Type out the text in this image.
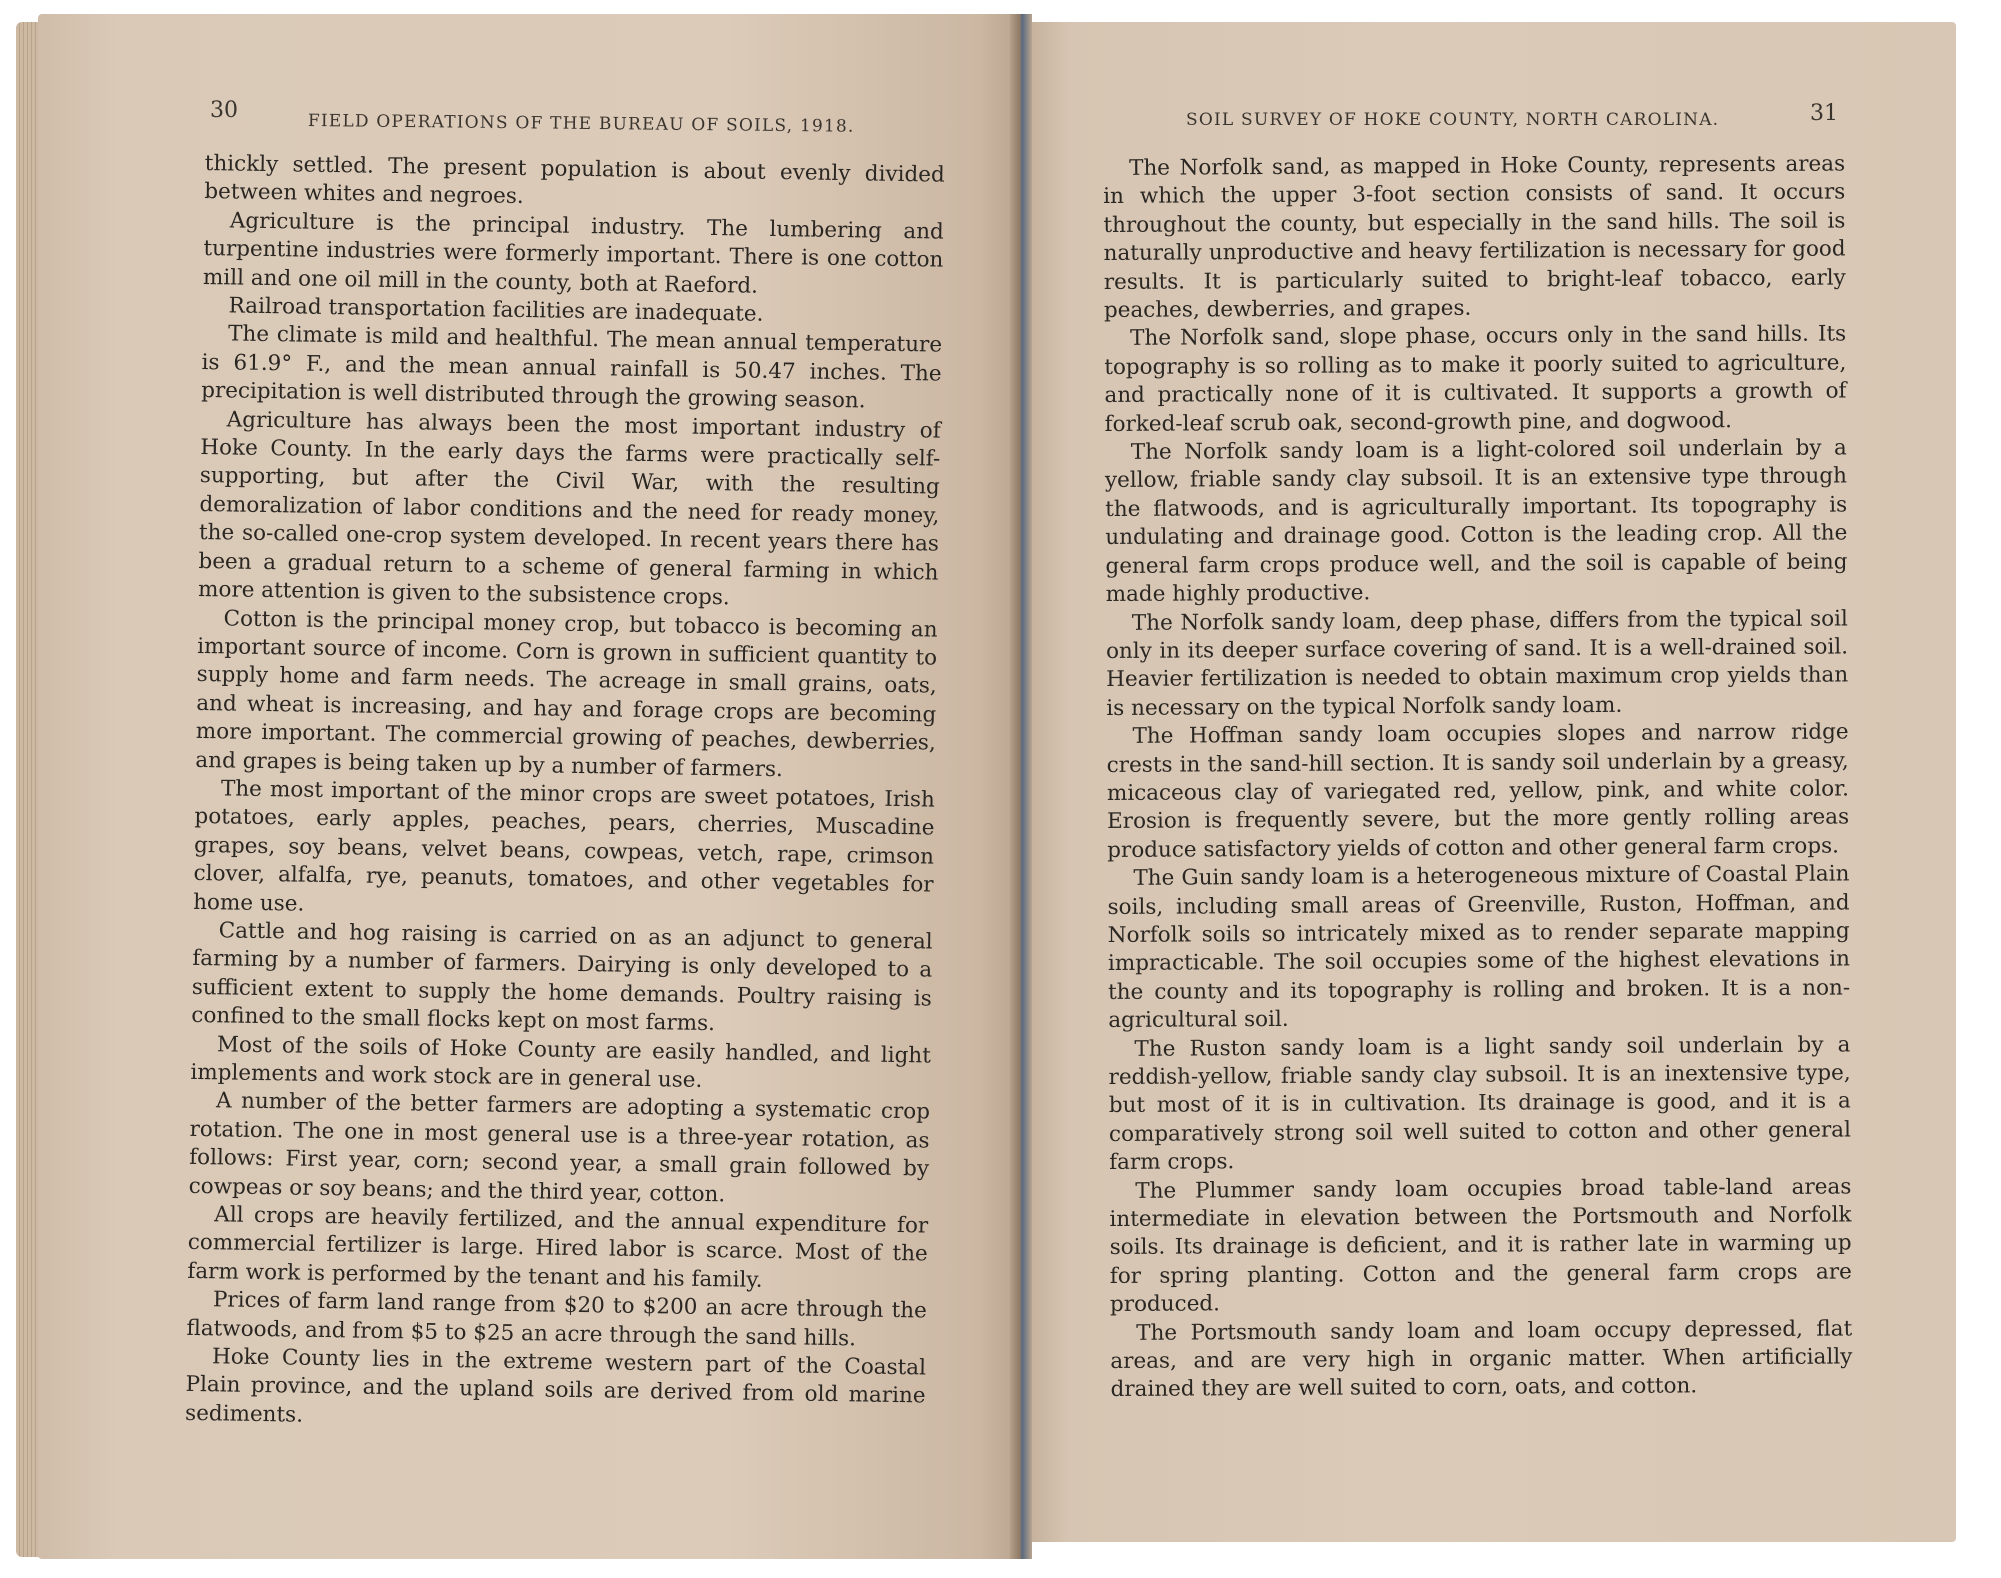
30
FIELD OPERATIONS OF THE BUREAU OF SOILS, 1918.	SOIL SURVEY OF HOKE COUNTY, NORTH CAROLINA.	31

thickly settled. The present population is about evenly divided between whites and negroes.

Agriculture is the principal industry. The lumbering and turpentine industries were formerly important. There is one cotton mill and one oil mill in the county, both at Raeford.

Railroad transportation facilities are inadequate.

The climate is mild and healthful. The mean annual temperature is 61.9° F., and the mean annual rainfall is 50.47 inches. The precipitation is well distributed through the growing season.

Agriculture has always been the most important industry of Hoke County. In the early days the farms were practically self-supporting, but after the Civil War, with the resulting demoralization of labor conditions and the need for ready money, the so-called one-crop system developed. In recent years there has been a gradual return to a scheme of general farming in which more attention is given to the subsistence crops.

Cotton is the principal money crop, but tobacco is becoming an important source of income. Corn is grown in sufficient quantity to supply home and farm needs. The acreage in small grains, oats, and wheat is increasing, and hay and forage crops are becoming more important. The commercial growing of peaches, dewberries, and grapes is being taken up by a number of farmers.

The most important of the minor crops are sweet potatoes, Irish potatoes, early apples, peaches, pears, cherries, Muscadine grapes, soy beans, velvet beans, cowpeas, vetch, rape, crimson clover, alfalfa, rye, peanuts, tomatoes, and other vegetables for home use.

Cattle and hog raising is carried on as an adjunct to general farming by a number of farmers. Dairying is only developed to a sufficient extent to supply the home demands. Poultry raising is confined to the small flocks kept on most farms.

Most of the soils of Hoke County are easily handled, and light implements and work stock are in general use.

A number of the better farmers are adopting a systematic crop rotation. The one in most general use is a three-year rotation, as follows: First year, corn; second year, a small grain followed by cowpeas or soy beans; and the third year, cotton.

All crops are heavily fertilized, and the annual expenditure for commercial fertilizer is large. Hired labor is scarce. Most of the farm work is performed by the tenant and his family.

Prices of farm land range from $20 to $200 an acre through the flatwoods, and from $5 to $25 an acre through the sand hills.

Hoke County lies in the extreme western part of the Coastal Plain province, and the upland soils are derived from old marine sediments.

The Norfolk sand, as mapped in Hoke County, represents areas in which the upper 3-foot section consists of sand. It occurs throughout the county, but especially in the sand hills. The soil is naturally unproductive and heavy fertilization is necessary for good results. It is particularly suited to bright-leaf tobacco, early peaches, dewberries, and grapes.

The Norfolk sand, slope phase, occurs only in the sand hills. Its topography is so rolling as to make it poorly suited to agriculture, and practically none of it is cultivated. It supports a growth of forked-leaf scrub oak, second-growth pine, and dogwood.

The Norfolk sandy loam is a light-colored soil underlain by a yellow, friable sandy clay subsoil. It is an extensive type through the flatwoods, and is agriculturally important. Its topography is undulating and drainage good. Cotton is the leading crop. All the general farm crops produce well, and the soil is capable of being made highly productive.

The Norfolk sandy loam, deep phase, differs from the typical soil only in its deeper surface covering of sand. It is a well-drained soil. Heavier fertilization is needed to obtain maximum crop yields than is necessary on the typical Norfolk sandy loam.

The Hoffman sandy loam occupies slopes and narrow ridge crests in the sand-hill section. It is sandy soil underlain by a greasy, micaceous clay of variegated red, yellow, pink, and white color. Erosion is frequently severe, but the more gently rolling areas produce satisfactory yields of cotton and other general farm crops.

The Guin sandy loam is a heterogeneous mixture of Coastal Plain soils, including small areas of Greenville, Ruston, Hoffman, and Norfolk soils so intricately mixed as to render separate mapping impracticable. The soil occupies some of the highest elevations in the county and its topography is rolling and broken. It is a non-agricultural soil.

The Ruston sandy loam is a light sandy soil underlain by a reddish-yellow, friable sandy clay subsoil. It is an inextensive type, but most of it is in cultivation. Its drainage is good, and it is a comparatively strong soil well suited to cotton and other general farm crops.

The Plummer sandy loam occupies broad table-land areas intermediate in elevation between the Portsmouth and Norfolk soils. Its drainage is deficient, and it is rather late in warming up for spring planting. Cotton and the general farm crops are produced.

The Portsmouth sandy loam and loam occupy depressed, flat areas, and are very high in organic matter. When artificially drained they are well suited to corn, oats, and cotton.
